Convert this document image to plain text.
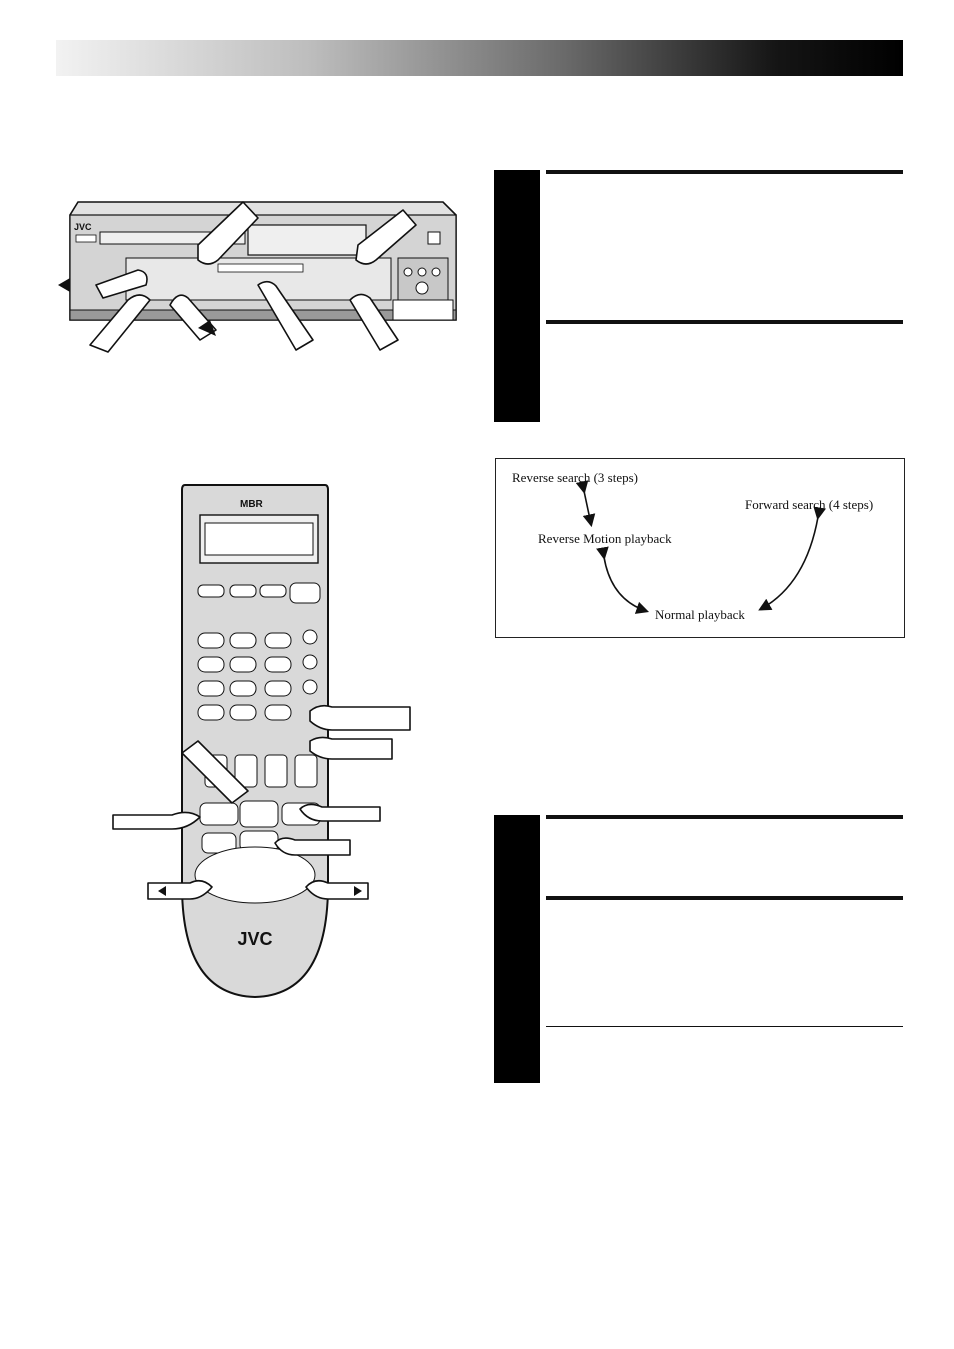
Reverse search (3 steps)
Forward search (4 steps)
Reverse Motion playback
Normal playback
JVC
MBR
JVC
